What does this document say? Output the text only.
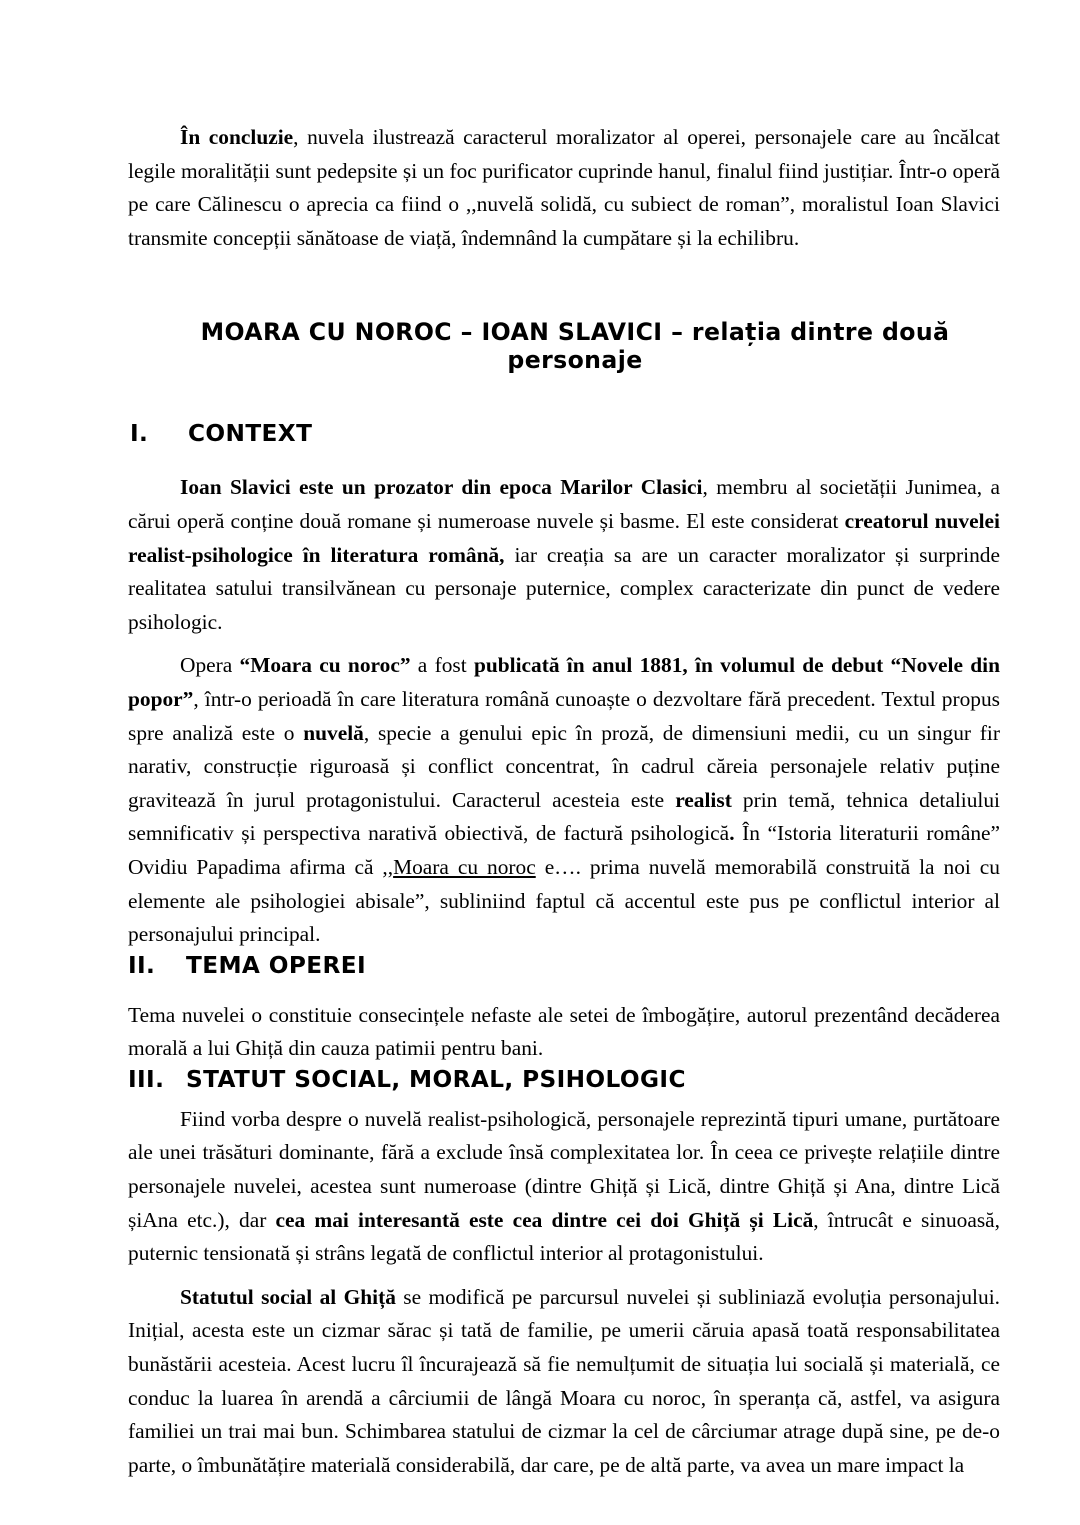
În concluzie, nuvela ilustrează caracterul moralizator al operei, personajele care au încălcat legile moralității sunt pedepsite și un foc purificator cuprinde hanul, finalul fiind justițiar. Într-o operă pe care Călinescu o aprecia ca fiind o ,,nuvelă solidă, cu subiect de roman”, moralistul Ioan Slavici transmite concepții sănătoase de viață, îndemnând la cumpătare și la echilibru.

MOARA CU NOROC – IOAN SLAVICI – relația dintre două personaje

I.	CONTEXT

Ioan Slavici este un prozator din epoca Marilor Clasici, membru al societății Junimea, a cărui operă conține două romane și numeroase nuvele și basme. El este considerat creatorul nuvelei realist-psihologice în literatura română, iar creația sa are un caracter moralizator și surprinde realitatea satului transilvănean cu personaje puternice, complex caracterizate din punct de vedere psihologic.

Opera “Moara cu noroc” a fost publicată în anul 1881, în volumul de debut “Novele din popor”, într-o perioadă în care literatura română cunoaște o dezvoltare fără precedent. Textul propus spre analiză este o nuvelă, specie a genului epic în proză, de dimensiuni medii, cu un singur fir narativ, construcție riguroasă și conflict concentrat, în cadrul căreia personajele relativ puține gravitează în jurul protagonistului. Caracterul acesteia este realist prin temă, tehnica detaliului semnificativ și perspectiva narativă obiectivă, de factură psihologică. În “Istoria literaturii române” Ovidiu Papadima afirma că ,,Moara cu noroc e…. prima nuvelă memorabilă construită la noi cu elemente ale psihologiei abisale”, subliniind faptul că accentul este pus pe conflictul interior al personajului principal.

II.	TEMA OPEREI

Tema nuvelei o constituie consecințele nefaste ale setei de îmbogățire, autorul prezentând decăderea morală a lui Ghiță din cauza patimii pentru bani.

III. STATUT SOCIAL, MORAL, PSIHOLOGIC

Fiind vorba despre o nuvelă realist-psihologică, personajele reprezintă tipuri umane, purtătoare ale unei trăsături dominante, fără a exclude însă complexitatea lor. În ceea ce privește relațiile dintre personajele nuvelei, acestea sunt numeroase (dintre Ghiță și Lică, dintre Ghiță și Ana, dintre Lică șiAna etc.), dar cea mai interesantă este cea dintre cei doi Ghiță și Lică, întrucât e sinuoasă, puternic tensionată și strâns legată de conflictul interior al protagonistului.

Statutul social al Ghiță se modifică pe parcursul nuvelei și subliniază evoluția personajului. Inițial, acesta este un cizmar sărac și tată de familie, pe umerii căruia apasă toată responsabilitatea bunăstării acesteia. Acest lucru îl încurajează să fie nemulțumit de situația lui socială și materială, ce conduc la luarea în arendă a cârciumii de lângă Moara cu noroc, în speranța că, astfel, va asigura familiei un trai mai bun. Schimbarea statului de cizmar la cel de cârciumar atrage după sine, pe de-o parte, o îmbunătățire materială considerabilă, dar care, pe de altă parte, va avea un mare impact la
